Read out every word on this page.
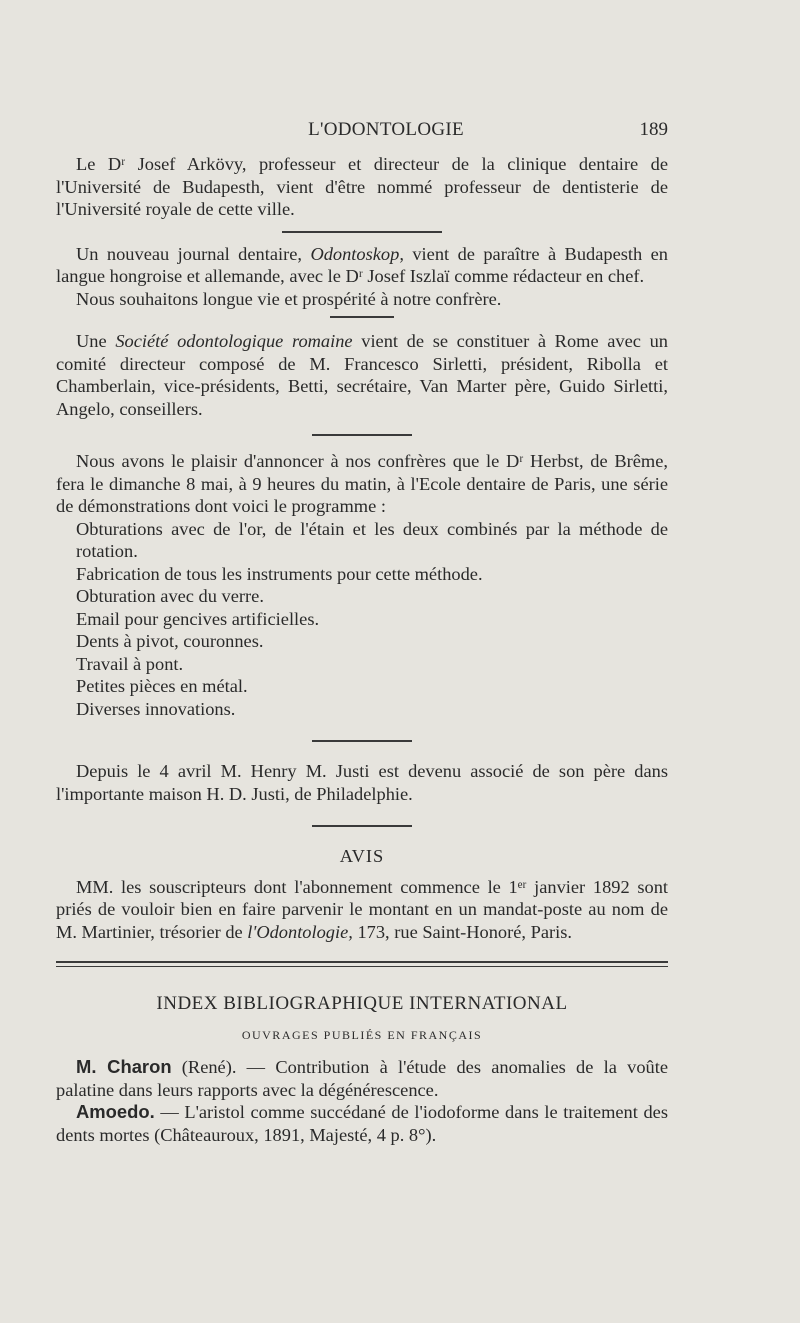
L'ODONTOLOGIE	189

Le Dʳ Josef Arkövy, professeur et directeur de la clinique dentaire de l'Université de Budapesth, vient d'être nommé professeur de dentisterie de l'Université royale de cette ville.

Un nouveau journal dentaire, Odontoskop, vient de paraître à Budapesth en langue hongroise et allemande, avec le Dʳ Josef Iszlaï comme rédacteur en chef.

Nous souhaitons longue vie et prospérité à notre confrère.

Une Société odontologique romaine vient de se constituer à Rome avec un comité directeur composé de M. Francesco Sirletti, président, Ribolla et Chamberlain, vice-présidents, Betti, secrétaire, Van Marter père, Guido Sirletti, Angelo, conseillers.

Nous avons le plaisir d'annoncer à nos confrères que le Dʳ Herbst, de Brême, fera le dimanche 8 mai, à 9 heures du matin, à l'Ecole dentaire de Paris, une série de démonstrations dont voici le programme :

Obturations avec de l'or, de l'étain et les deux combinés par la méthode de rotation.

Fabrication de tous les instruments pour cette méthode.

Obturation avec du verre.

Email pour gencives artificielles.

Dents à pivot, couronnes.

Travail à pont.

Petites pièces en métal.

Diverses innovations.

Depuis le 4 avril M. Henry M. Justi est devenu associé de son père dans l'importante maison H. D. Justi, de Philadelphie.

AVIS

MM. les souscripteurs dont l'abonnement commence le 1ᵉʳ janvier 1892 sont priés de vouloir bien en faire parvenir le montant en un mandat-poste au nom de M. Martinier, trésorier de l'Odontologie, 173, rue Saint-Honoré, Paris.

INDEX BIBLIOGRAPHIQUE INTERNATIONAL

OUVRAGES PUBLIÉS EN FRANÇAIS

M. Charon (René). — Contribution à l'étude des anomalies de la voûte palatine dans leurs rapports avec la dégénérescence.

Amoedo. — L'aristol comme succédané de l'iodoforme dans le traitement des dents mortes (Châteauroux, 1891, Majesté, 4 p. 8°).
